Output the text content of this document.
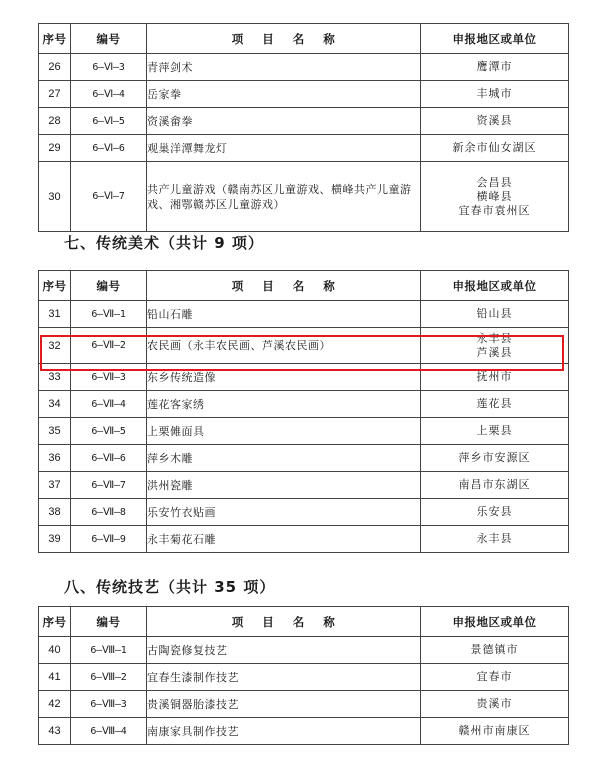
序号	编号	项 目 名 称	申报地区或单位
26	6—Ⅵ—3	青萍剑术	鹰潭市
27	6—Ⅵ—4	岳家拳	丰城市
28	6—Ⅵ—5	资溪畲拳	资溪县
29	6—Ⅵ—6	观巢洋潭舞龙灯	新余市仙女湖区
30	6—Ⅵ—7	共产儿童游戏（赣南苏区儿童游戏、横峰共产儿童游戏、湘鄂赣苏区儿童游戏）	会昌县
横峰县
宜春市袁州区
七、传统美术（共计 9 项）
序号	编号	项 目 名 称	申报地区或单位
31	6—Ⅶ—1	铅山石雕	铅山县
32	6—Ⅶ—2	农民画（永丰农民画、芦溪农民画）	永丰县
芦溪县

33	6—Ⅶ—3	东乡传统造像	抚州市
34	6—Ⅶ—4	莲花客家绣	莲花县
35	6—Ⅶ—5	上栗傩面具	上栗县
36	6—Ⅶ—6	萍乡木雕	萍乡市安源区
37	6—Ⅶ—7	洪州瓷雕	南昌市东湖区
38	6—Ⅶ—8	乐安竹衣贴画	乐安县
39	6—Ⅶ—9	永丰菊花石雕	永丰县
八、传统技艺（共计 35 项）
序号	编号	项 目 名 称	申报地区或单位
40	6—Ⅷ—1	古陶瓷修复技艺	景德镇市
41	6—Ⅷ—2	宜春生漆制作技艺	宜春市
42	6—Ⅷ—3	贵溪铜器胎漆技艺	贵溪市
43	6—Ⅷ—4	南康家具制作技艺	赣州市南康区
